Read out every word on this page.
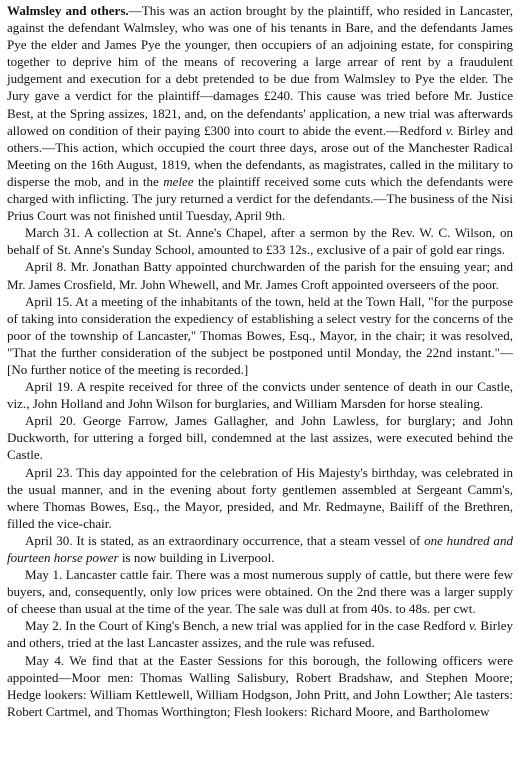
Walmsley and others.—This was an action brought by the plaintiff, who resided in Lancaster, against the defendant Walmsley, who was one of his tenants in Bare, and the defendants James Pye the elder and James Pye the younger, then occupiers of an adjoining estate, for conspiring together to deprive him of the means of recovering a large arrear of rent by a fraudulent judgement and execution for a debt pretended to be due from Walmsley to Pye the elder. The Jury gave a verdict for the plaintiff—damages £240. This cause was tried before Mr. Justice Best, at the Spring assizes, 1821, and, on the defendants' application, a new trial was afterwards allowed on condition of their paying £300 into court to abide the event.—Redford v. Birley and others.—This action, which occupied the court three days, arose out of the Manchester Radical Meeting on the 16th August, 1819, when the defendants, as magistrates, called in the military to disperse the mob, and in the melee the plaintiff received some cuts which the defendants were charged with inflicting. The jury returned a verdict for the defendants.—The business of the Nisi Prius Court was not finished until Tuesday, April 9th.

March 31. A collection at St. Anne's Chapel, after a sermon by the Rev. W. C. Wilson, on behalf of St. Anne's Sunday School, amounted to £33 12s., exclusive of a pair of gold ear rings.

April 8. Mr. Jonathan Batty appointed churchwarden of the parish for the ensuing year; and Mr. James Crosfield, Mr. John Whewell, and Mr. James Croft appointed overseers of the poor.

April 15. At a meeting of the inhabitants of the town, held at the Town Hall, "for the purpose of taking into consideration the expediency of establishing a select vestry for the concerns of the poor of the township of Lancaster," Thomas Bowes, Esq., Mayor, in the chair; it was resolved, "That the further consideration of the subject be postponed until Monday, the 22nd instant."—[No further notice of the meeting is recorded.]

April 19. A respite received for three of the convicts under sentence of death in our Castle, viz., John Holland and John Wilson for burglaries, and William Marsden for horse stealing.

April 20. George Farrow, James Gallagher, and John Lawless, for burglary; and John Duckworth, for uttering a forged bill, condemned at the last assizes, were executed behind the Castle.

April 23. This day appointed for the celebration of His Majesty's birthday, was celebrated in the usual manner, and in the evening about forty gentlemen assembled at Sergeant Camm's, where Thomas Bowes, Esq., the Mayor, presided, and Mr. Redmayne, Bailiff of the Brethren, filled the vice-chair.

April 30. It is stated, as an extraordinary occurrence, that a steam vessel of one hundred and fourteen horse power is now building in Liverpool.

May 1. Lancaster cattle fair. There was a most numerous supply of cattle, but there were few buyers, and, consequently, only low prices were obtained. On the 2nd there was a larger supply of cheese than usual at the time of the year. The sale was dull at from 40s. to 48s. per cwt.

May 2. In the Court of King's Bench, a new trial was applied for in the case Redford v. Birley and others, tried at the last Lancaster assizes, and the rule was refused.

May 4. We find that at the Easter Sessions for this borough, the following officers were appointed—Moor men: Thomas Walling Salisbury, Robert Bradshaw, and Stephen Moore; Hedge lookers: William Kettlewell, William Hodgson, John Pritt, and John Lowther; Ale tasters: Robert Cartmel, and Thomas Worthington; Flesh lookers: Richard Moore, and Bartholomew
